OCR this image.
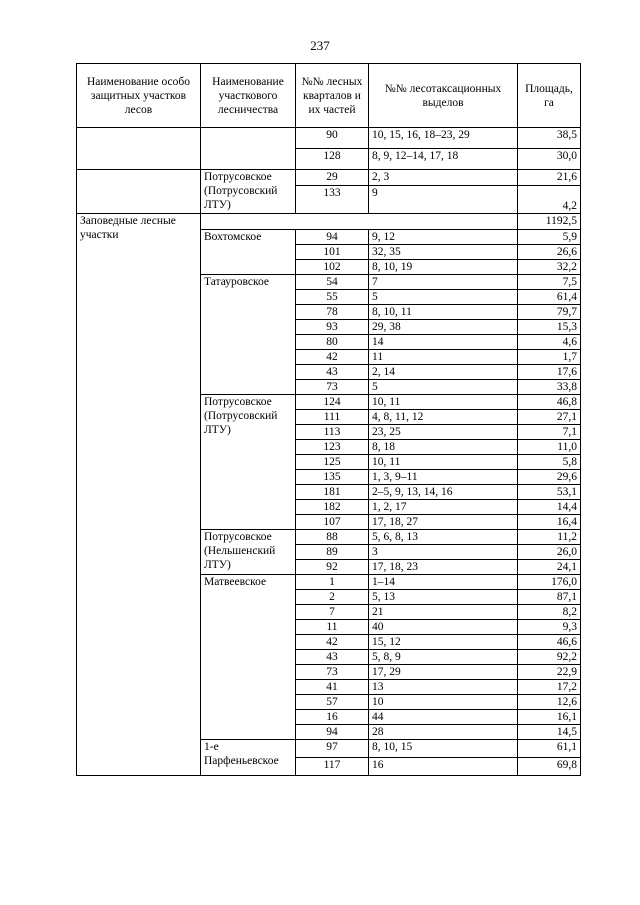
237
Наименование особо защитных участков лесов	Наименование участкового лесничества	№№ лесных кварталов и их частей	№№ лесотаксационных выделов	Площадь, га
		90	10, 15, 16, 18–23, 29	38,5
		128	8, 9, 12–14, 17, 18	30,0
	Потрусовское (Потрусовский ЛТУ)	29	2, 3	21,6
		133	9	4,2
Заповедные лесные участки				1192,5
	Вохтомское	94	9, 12	5,9
		101	32, 35	26,6
		102	8, 10, 19	32,2
	Татауровское	54	7	7,5
		55	5	61,4
		78	8, 10, 11	79,7
		93	29, 38	15,3
		80	14	4,6
		42	11	1,7
		43	2, 14	17,6
		73	5	33,8
	Потрусовское (Потрусовский ЛТУ)	124	10, 11	46,8
		111	4, 8, 11, 12	27,1
		113	23, 25	7,1
		123	8, 18	11,0
		125	10, 11	5,8
		135	1, 3, 9–11	29,6
		181	2–5, 9, 13, 14, 16	53,1
		182	1, 2, 17	14,4
		107	17, 18, 27	16,4
	Потрусовское (Нельшенский ЛТУ)	88	5, 6, 8, 13	11,2
		89	3	26,0
		92	17, 18, 23	24,1
	Матвеевское	1	1–14	176,0
		2	5, 13	87,1
		7	21	8,2
		11	40	9,3
		42	15, 12	46,6
		43	5, 8, 9	92,2
		73	17, 29	22,9
		41	13	17,2
		57	10	12,6
		16	44	16,1
		94	28	14,5
	1-е Парфеньевское	97	8, 10, 15	61,1
		117	16	69,8
